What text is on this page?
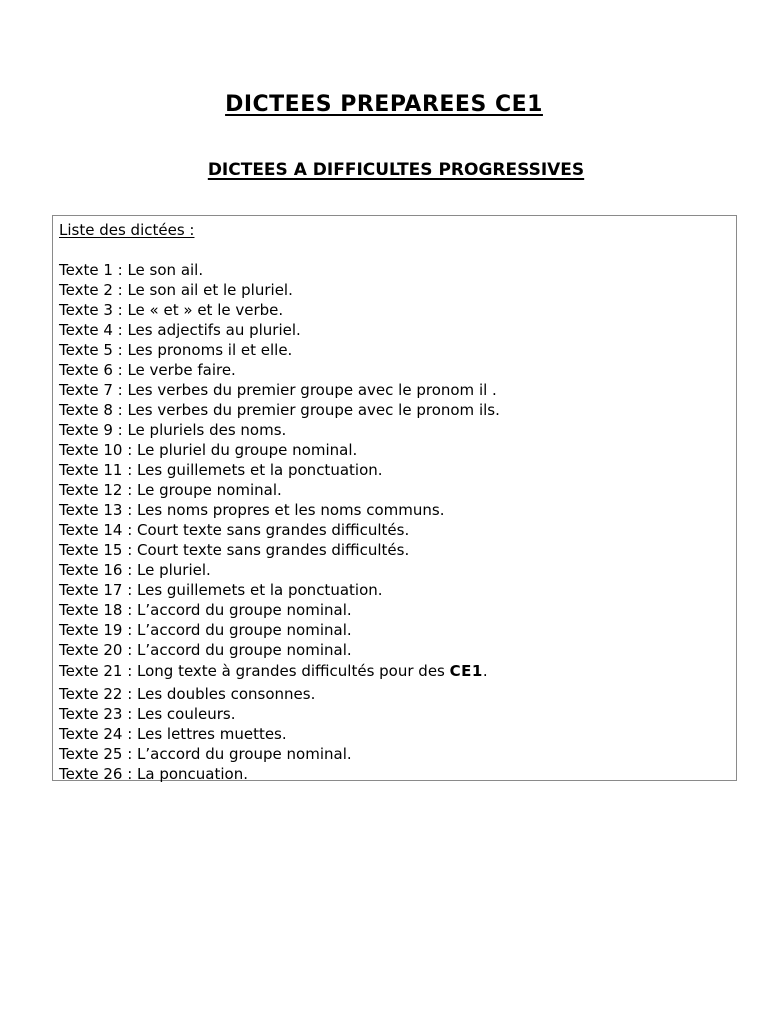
DICTEES PREPAREES CE1
DICTEES A DIFFICULTES PROGRESSIVES

Liste des dictées :

Texte 1 : Le son ail.
Texte 2 : Le son ail et le pluriel.
Texte 3 : Le « et » et le verbe.
Texte 4 : Les adjectifs au pluriel.
Texte 5 : Les pronoms il et elle.
Texte 6 : Le verbe faire.
Texte 7 : Les verbes du premier groupe avec le pronom il .
Texte 8 : Les verbes du premier groupe avec le pronom ils.
Texte 9 : Le pluriels des noms.
Texte 10 : Le pluriel du groupe nominal.
Texte 11 : Les guillemets et la ponctuation.
Texte 12 : Le groupe nominal.
Texte 13 : Les noms propres et les noms communs.
Texte 14 : Court texte sans grandes difficultés.
Texte 15 : Court texte sans grandes difficultés.
Texte 16 : Le pluriel.
Texte 17 : Les guillemets et la ponctuation.
Texte 18 : L’accord du groupe nominal.
Texte 19 : L’accord du groupe nominal.
Texte 20 : L’accord du groupe nominal.
Texte 21 : Long texte à grandes difficultés pour des CE1.
Texte 22 : Les doubles consonnes.
Texte 23 : Les couleurs.
Texte 24 : Les lettres muettes.
Texte 25 : L’accord du groupe nominal.
Texte 26 : La poncuation.
